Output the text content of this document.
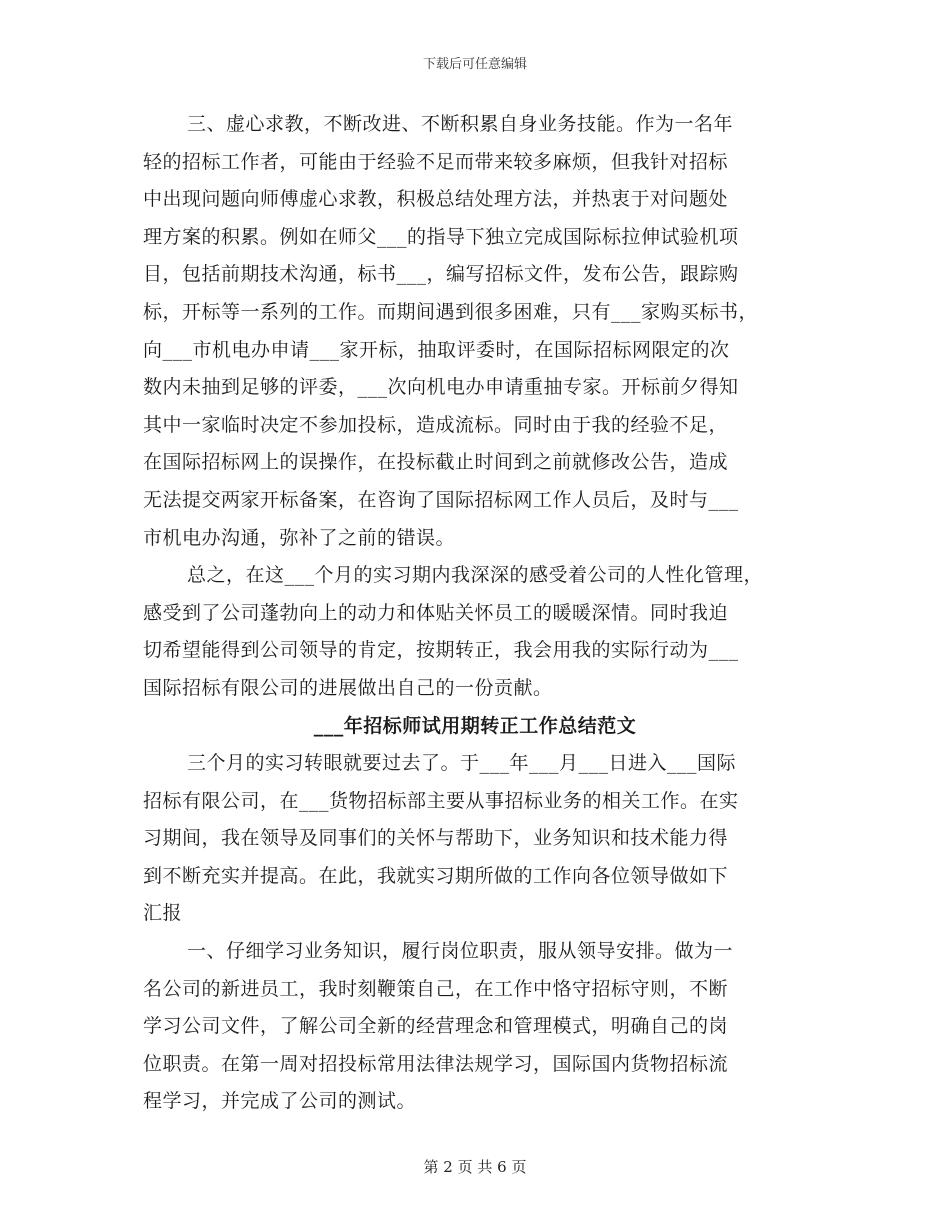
下载后可任意编辑
三、虚心求教，不断改进、不断积累自身业务技能。作为一名年
轻的招标工作者，可能由于经验不足而带来较多麻烦，但我针对招标
中出现问题向师傅虚心求教，积极总结处理方法，并热衷于对问题处
理方案的积累。例如在师父___的指导下独立完成国际标拉伸试验机项
目，包括前期技术沟通，标书___，编写招标文件，发布公告，跟踪购
标，开标等一系列的工作。而期间遇到很多困难，只有___家购买标书，
向___市机电办申请___家开标，抽取评委时，在国际招标网限定的次
数内未抽到足够的评委，___次向机电办申请重抽专家。开标前夕得知
其中一家临时决定不参加投标，造成流标。同时由于我的经验不足，
在国际招标网上的误操作，在投标截止时间到之前就修改公告，造成
无法提交两家开标备案，在咨询了国际招标网工作人员后，及时与___
市机电办沟通，弥补了之前的错误。
总之，在这___个月的实习期内我深深的感受着公司的人性化管理，
感受到了公司蓬勃向上的动力和体贴关怀员工的暖暖深情。同时我迫
切希望能得到公司领导的肯定，按期转正，我会用我的实际行动为___
国际招标有限公司的进展做出自己的一份贡献。
___年招标师试用期转正工作总结范文
三个月的实习转眼就要过去了。于___年___月___日进入___国际
招标有限公司，在___货物招标部主要从事招标业务的相关工作。在实
习期间，我在领导及同事们的关怀与帮助下，业务知识和技术能力得
到不断充实并提高。在此，我就实习期所做的工作向各位领导做如下
汇报
一、仔细学习业务知识，履行岗位职责，服从领导安排。做为一
名公司的新进员工，我时刻鞭策自己，在工作中恪守招标守则，不断
学习公司文件，了解公司全新的经营理念和管理模式，明确自己的岗
位职责。在第一周对招投标常用法律法规学习，国际国内货物招标流
程学习，并完成了公司的测试。
第 2 页 共 6 页
